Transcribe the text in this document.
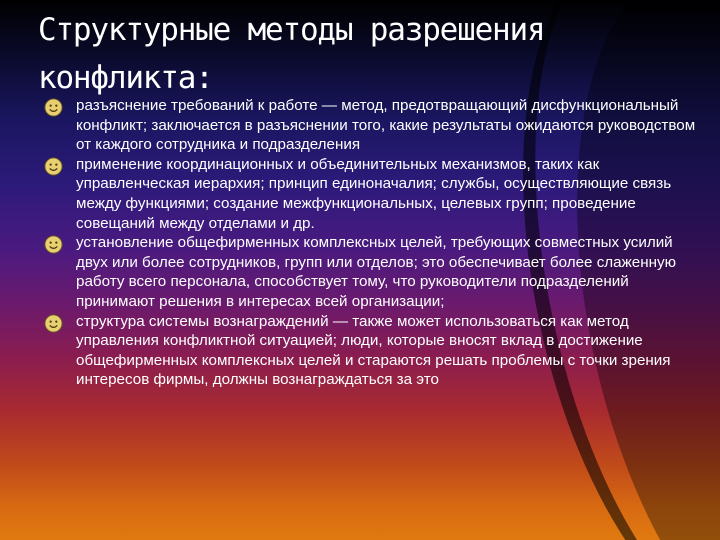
Структурные методы разрешения конфликта:
разъяснение требований к работе — метод, предотвращающий дисфункциональный конфликт; заключается в разъяснении того, какие результаты ожидаются руководством от каждого сотрудника и подразделения
применение координационных и объединительных механизмов, таких как управленческая иерархия; принцип единоначалия; службы, осуществляющие связь между функциями; создание межфункциональных, целевых групп; проведение совещаний между отделами и др.
установление общефирменных комплексных целей, требующих совместных усилий двух или более сотрудников, групп или отделов; это обеспечивает более слаженную работу всего персонала, способствует тому, что руководители подразделений принимают решения в интересах всей организации;
структура системы вознаграждений — также может использоваться как метод управления конфликтной ситуацией; люди, которые вносят вклад в достижение общефирменных комплексных целей и стараются решать проблемы с точки зрения интересов фирмы, должны вознаграждаться за это
